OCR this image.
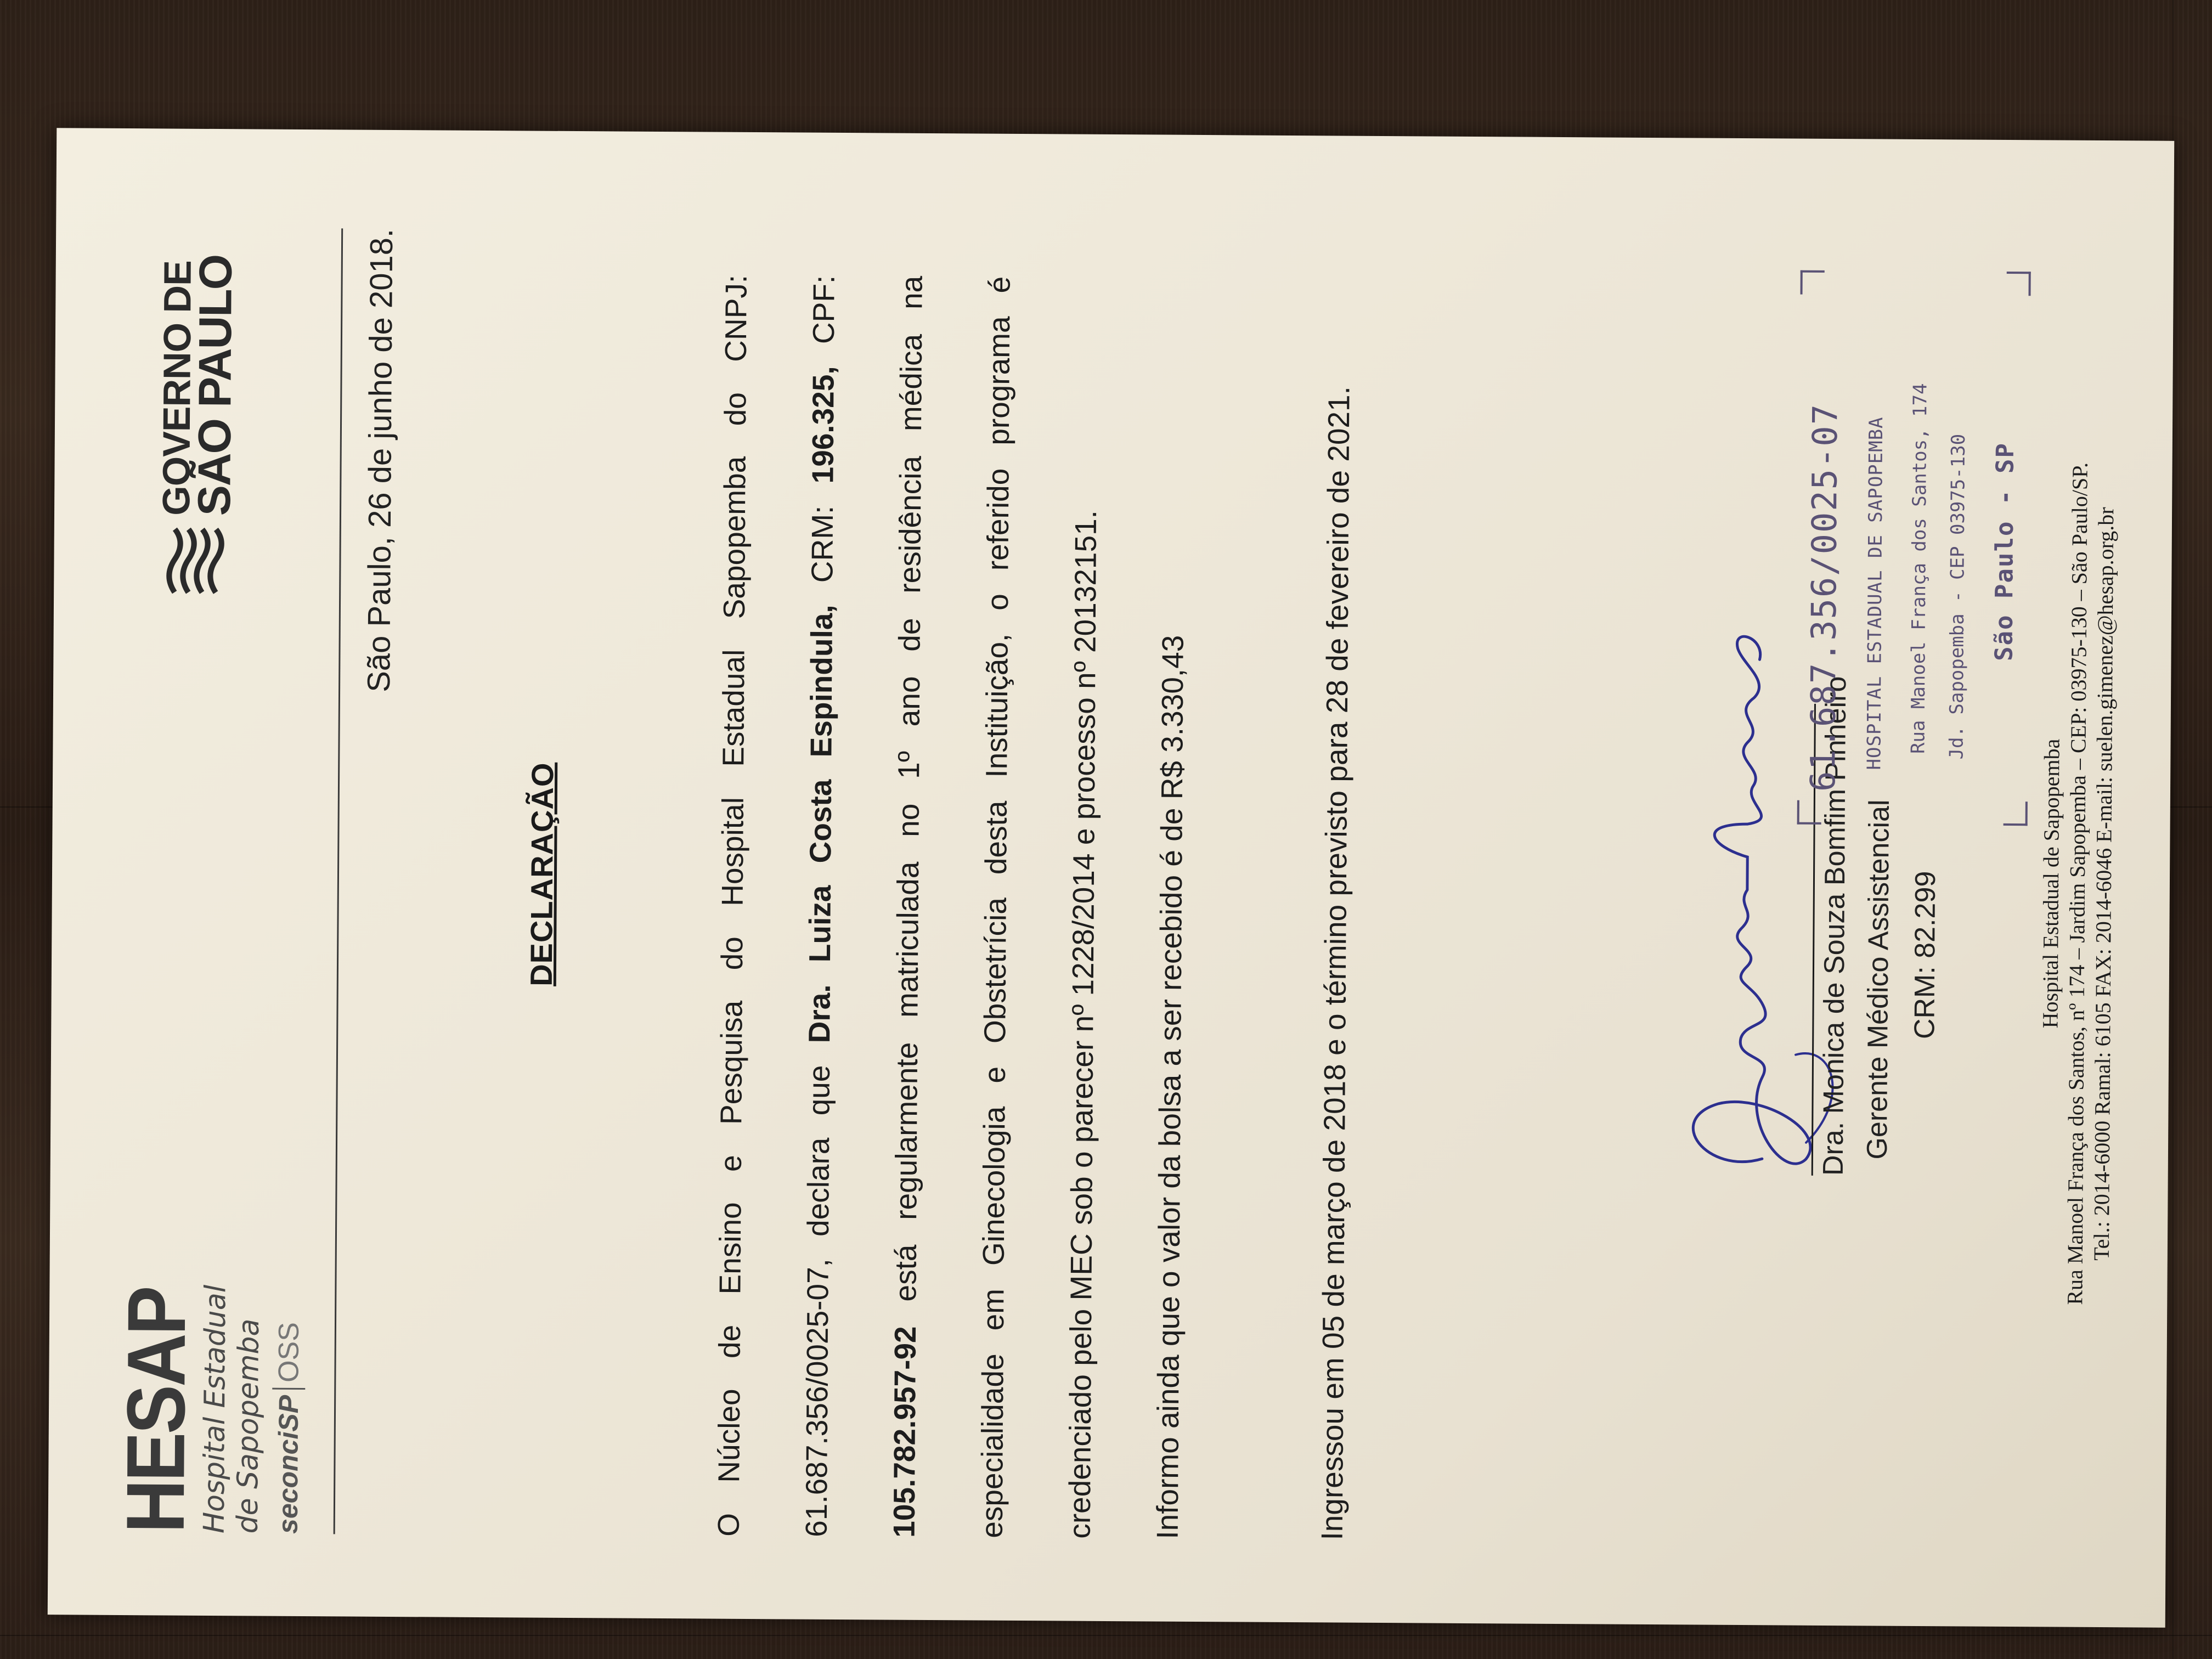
HESAP
Hospital Estadual
de Sapopemba seconciSP
OSS
GOVERNO DE
SÃO PAULO	São Paulo, 26 de junho de 2018.
DECLARAÇÃO	O Núcleo de Ensino e Pesquisa do Hospital Estadual Sapopemba do CNPJ: 61.687.356/0025-07, declara que Dra. Luiza Costa Espindula, CRM: 196.325, CPF: 105.782.957-92 está regularmente matriculada no 1º ano de residência médica na especialidade em Ginecologia e Obstetrícia desta Instituição, o referido programa é credenciado pelo MEC sob o parecer nº 1228/2014 e processo nº 20132151.	Informo ainda que o valor da bolsa a ser recebido é de R$ 3.330,43	Ingressou em 05 de março de 2018 e o término previsto para 28 de fevereiro de 2021.	Dra. Monica de Souza Bomfim Pinheiro Gerente Médico Assistencial CRM: 82.299
61.687.356/0025-07 HOSPITAL ESTADUAL DE SAPOPEMBA Rua Manoel França dos Santos, 174 Jd. Sapopemba - CEP 03975-130 São Paulo - SP
Hospital Estadual de Sapopemba
Rua Manoel França dos Santos, nº 174 – Jardim Sapopemba – CEP: 03975-130 – São Paulo/SP.
Tel.: 2014-6000 Ramal: 6105 FAX: 2014-6046 E-mail: suelen.gimenez@hesap.org.br
